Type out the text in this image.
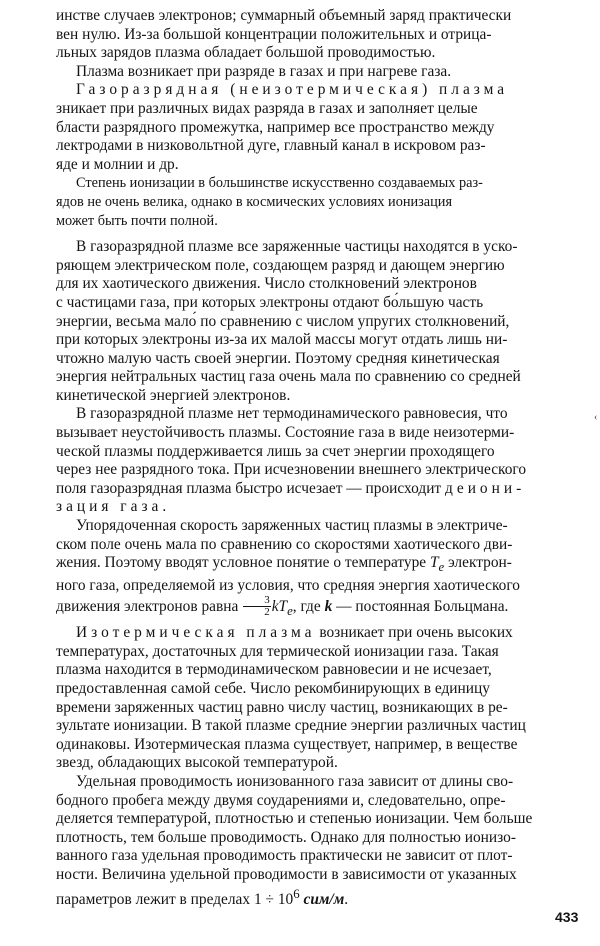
инстве случаев электронов; суммарный объемный заряд практически
вен нулю. Из-за большой концентрации положительных и отрица-
льных зарядов плазма обладает большой проводимостью.

Плазма возникает при разряде в газах и при нагреве газа.

Газоразрядная (неизотермическая) плазма
зникает при различных видах разряда в газах и заполняет целые
бласти разрядного промежутка, например все пространство между
лектродами в низковольтной дуге, главный канал в искровом раз-
яде и молнии и др.

Степень ионизации в большинстве искусственно создаваемых раз-
ядов не очень велика, однако в космических условиях ионизация
может быть почти полной.

В газоразрядной плазме все заряженные частицы находятся в уско-
ряющем электрическом поле, создающем разряд и дающем энергию
для их хаотического движения. Число столкновений электронов
с частицами газа, при которых электроны отдают бо́льшую часть
энергии, весьма мало́ по сравнению с числом упругих столкновений,
при которых электроны из-за их малой массы могут отдать лишь ни-
чтожно малую часть своей энергии. Поэтому средняя кинетическая
энергия нейтральных частиц газа очень мала по сравнению со средней
кинетической энергией электронов.

В газоразрядной плазме нет термодинамического равновесия, что
вызывает неустойчивость плазмы. Состояние газа в виде неизотерми-
ческой плазмы поддерживается лишь за счет энергии проходящего
через нее разрядного тока. При исчезновении внешнего электрического
поля газоразрядная плазма быстро исчезает — происходит деиони-
зация газа.

Упорядоченная скорость заряженных частиц плазмы в электриче-
ском поле очень мала по сравнению со скоростями хаотического дви-
жения. Поэтому вводят условное понятие о температуре $T_e$ электрон-
ного газа, определяемой из условия, что средняя энергия хаотического
движения электронов равна $\frac{3}{2} kT_e$, где k — постоянная Больцмана.

Изотермическая плазма возникает при очень высоких
температурах, достаточных для термической ионизации газа. Такая
плазма находится в термодинамическом равновесии и не исчезает,
предоставленная самой себе. Число рекомбинирующих в единицу
времени заряженных частиц равно числу частиц, возникающих в ре-
зультате ионизации. В такой плазме средние энергии различных частиц
одинаковы. Изотермическая плазма существует, например, в веществе
звезд, обладающих высокой температурой.

Удельная проводимость ионизованного газа зависит от длины сво-
бодного пробега между двумя соударениями и, следовательно, опре-
деляется температурой, плотностью и степенью ионизации. Чем больше
плотность, тем больше проводимость. Однако для полностью ионизо-
ванного газа удельная проводимость практически не зависит от плот-
ности. Величина удельной проводимости в зависимости от указанных
параметров лежит в пределах $1 \div 10^6$ сим/м.

‹
433
